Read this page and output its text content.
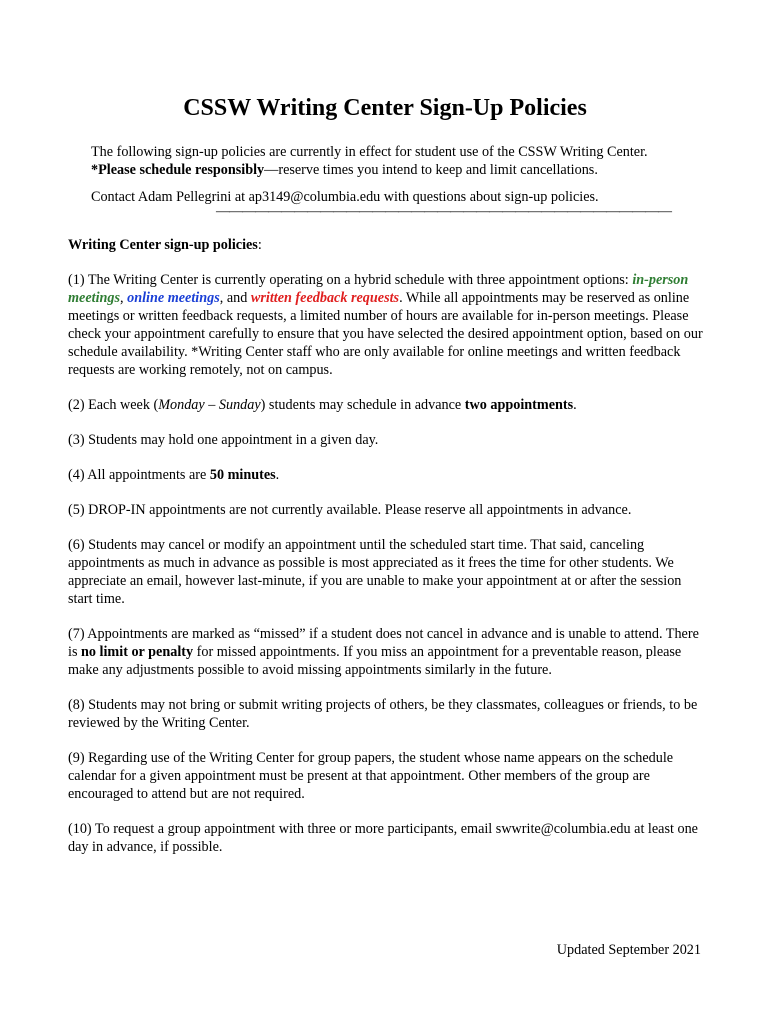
CSSW Writing Center Sign-Up Policies

The following sign-up policies are currently in effect for student use of the CSSW Writing Center.
*Please schedule responsibly—reserve times you intend to keep and limit cancellations.

Contact Adam Pellegrini at ap3149@columbia.edu with questions about sign-up policies.

———————————————————————————————————

Writing Center sign-up policies:

(1) The Writing Center is currently operating on a hybrid schedule with three appointment options: in-person meetings, online meetings, and written feedback requests. While all appointments may be reserved as online meetings or written feedback requests, a limited number of hours are available for in-person meetings. Please check your appointment carefully to ensure that you have selected the desired appointment option, based on our schedule availability. *Writing Center staff who are only available for online meetings and written feedback requests are working remotely, not on campus.

(2) Each week (Monday – Sunday) students may schedule in advance two appointments.

(3) Students may hold one appointment in a given day.

(4) All appointments are 50 minutes.

(5) DROP-IN appointments are not currently available. Please reserve all appointments in advance.

(6) Students may cancel or modify an appointment until the scheduled start time. That said, canceling appointments as much in advance as possible is most appreciated as it frees the time for other students. We appreciate an email, however last-minute, if you are unable to make your appointment at or after the session start time.

(7) Appointments are marked as “missed” if a student does not cancel in advance and is unable to attend. There is no limit or penalty for missed appointments. If you miss an appointment for a preventable reason, please make any adjustments possible to avoid missing appointments similarly in the future.

(8) Students may not bring or submit writing projects of others, be they classmates, colleagues or friends, to be reviewed by the Writing Center.

(9) Regarding use of the Writing Center for group papers, the student whose name appears on the schedule calendar for a given appointment must be present at that appointment. Other members of the group are encouraged to attend but are not required.

(10) To request a group appointment with three or more participants, email swwrite@columbia.edu at least one day in advance, if possible.

Updated September 2021
